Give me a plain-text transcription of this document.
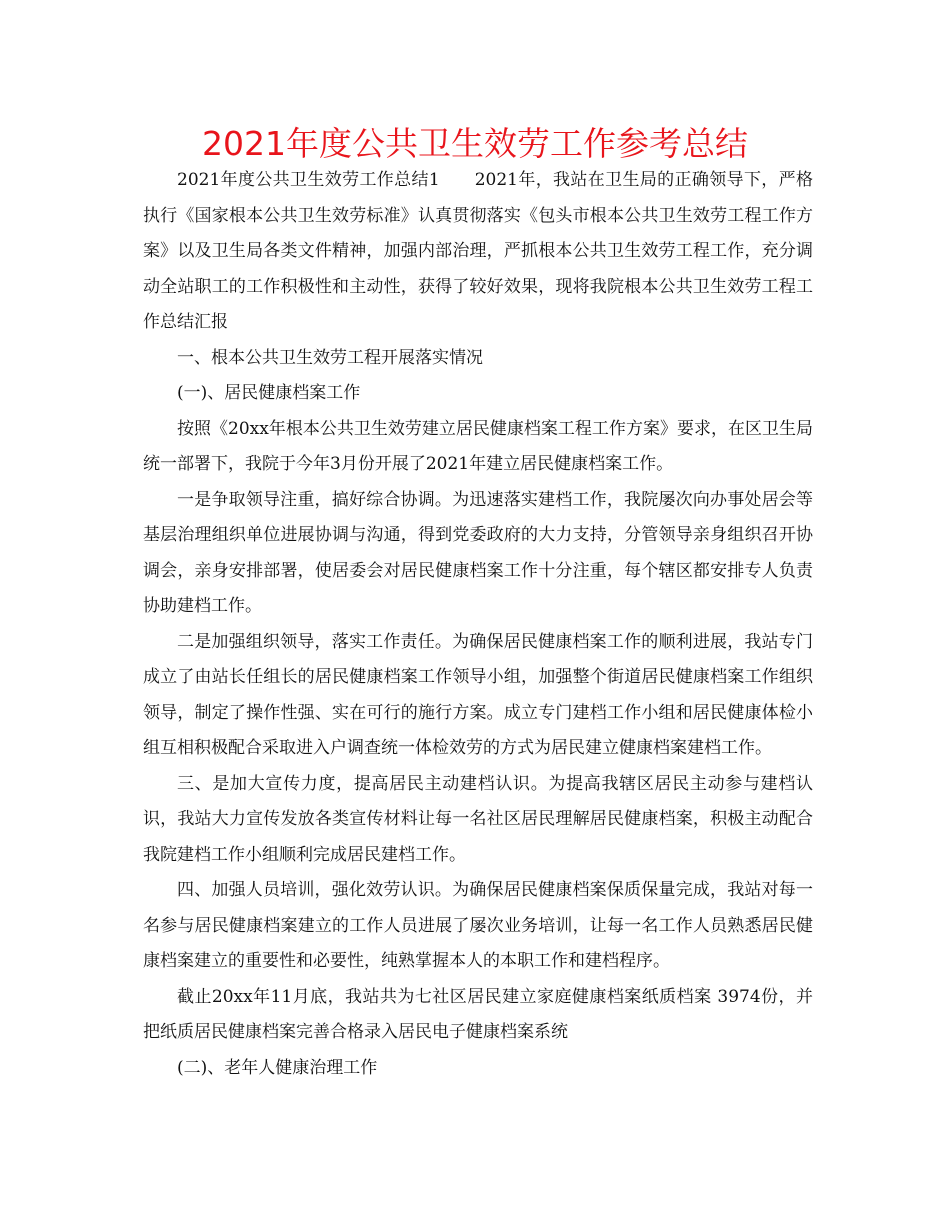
2021年度公共卫生效劳工作参考总结

2021年度公共卫生效劳工作总结1　　2021年，我站在卫生局的正确领导下，严格执行《国家根本公共卫生效劳标准》认真贯彻落实《包头市根本公共卫生效劳工程工作方案》以及卫生局各类文件精神，加强内部治理，严抓根本公共卫生效劳工程工作，充分调动全站职工的工作积极性和主动性，获得了较好效果，现将我院根本公共卫生效劳工程工作总结汇报

一、根本公共卫生效劳工程开展落实情况

(一)、居民健康档案工作

按照《20xx年根本公共卫生效劳建立居民健康档案工程工作方案》要求，在区卫生局统一部署下，我院于今年3月份开展了2021年建立居民健康档案工作。

一是争取领导注重，搞好综合协调。为迅速落实建档工作，我院屡次向办事处居会等基层治理组织单位进展协调与沟通，得到党委政府的大力支持，分管领导亲身组织召开协调会，亲身安排部署，使居委会对居民健康档案工作十分注重，每个辖区都安排专人负责协助建档工作。

二是加强组织领导，落实工作责任。为确保居民健康档案工作的顺利进展，我站专门成立了由站长任组长的居民健康档案工作领导小组，加强整个街道居民健康档案工作组织领导，制定了操作性强、实在可行的施行方案。成立专门建档工作小组和居民健康体检小组互相积极配合采取进入户调查统一体检效劳的方式为居民建立健康档案建档工作。

三、是加大宣传力度，提高居民主动建档认识。为提高我辖区居民主动参与建档认识，我站大力宣传发放各类宣传材料让每一名社区居民理解居民健康档案，积极主动配合我院建档工作小组顺利完成居民建档工作。

四、加强人员培训，强化效劳认识。为确保居民健康档案保质保量完成，我站对每一名参与居民健康档案建立的工作人员进展了屡次业务培训，让每一名工作人员熟悉居民健康档案建立的重要性和必要性，纯熟掌握本人的本职工作和建档程序。

截止20xx年11月底，我站共为七社区居民建立家庭健康档案纸质档案 3974份，并把纸质居民健康档案完善合格录入居民电子健康档案系统

(二)、老年人健康治理工作
